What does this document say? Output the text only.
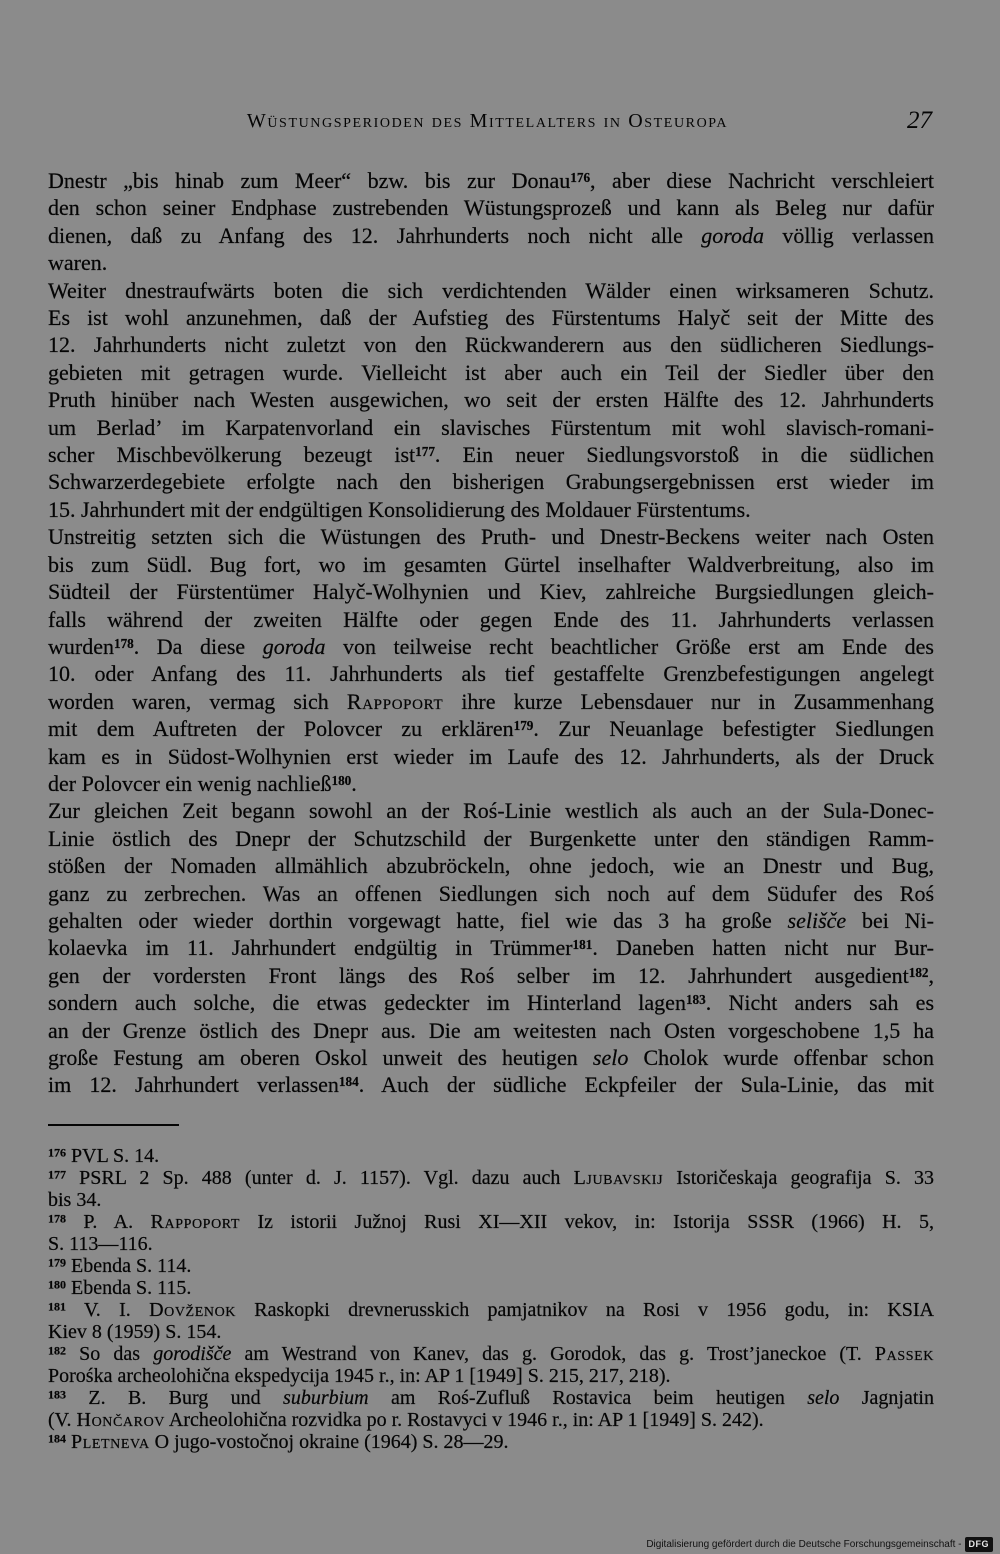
Wüstungsperioden des Mittelalters in Osteuropa	27
Dnestr „bis hinab zum Meer“ bzw. bis zur Donau$^{176}$, aber diese Nachricht verschleiert
den schon seiner Endphase zustrebenden Wüstungsprozeß und kann als Beleg nur dafür
dienen, daß zu Anfang des 12. Jahrhunderts noch nicht alle goroda völlig verlassen
waren.
Weiter dnestraufwärts boten die sich verdichtenden Wälder einen wirksameren Schutz.
Es ist wohl anzunehmen, daß der Aufstieg des Fürstentums Halyč seit der Mitte des
12. Jahrhunderts nicht zuletzt von den Rückwanderern aus den südlicheren Siedlungs-
gebieten mit getragen wurde. Vielleicht ist aber auch ein Teil der Siedler über den
Pruth hinüber nach Westen ausgewichen, wo seit der ersten Hälfte des 12. Jahrhunderts
um Berlad’ im Karpatenvorland ein slavisches Fürstentum mit wohl slavisch-romani-
scher Mischbevölkerung bezeugt ist$^{177}$. Ein neuer Siedlungsvorstoß in die südlichen
Schwarzerdegebiete erfolgte nach den bisherigen Grabungsergebnissen erst wieder im
15. Jahrhundert mit der endgültigen Konsolidierung des Moldauer Fürstentums.
Unstreitig setzten sich die Wüstungen des Pruth- und Dnestr-Beckens weiter nach Osten
bis zum Südl. Bug fort, wo im gesamten Gürtel inselhafter Waldverbreitung, also im
Südteil der Fürstentümer Halyč-Wolhynien und Kiev, zahlreiche Burgsiedlungen gleich-
falls während der zweiten Hälfte oder gegen Ende des 11. Jahrhunderts verlassen
wurden$^{178}$. Da diese goroda von teilweise recht beachtlicher Größe erst am Ende des
10. oder Anfang des 11. Jahrhunderts als tief gestaffelte Grenzbefestigungen angelegt
worden waren, vermag sich Rappoport ihre kurze Lebensdauer nur in Zusammenhang
mit dem Auftreten der Polovcer zu erklären$^{179}$. Zur Neuanlage befestigter Siedlungen
kam es in Südost-Wolhynien erst wieder im Laufe des 12. Jahrhunderts, als der Druck
der Polovcer ein wenig nachließ$^{180}$.
Zur gleichen Zeit begann sowohl an der Roś-Linie westlich als auch an der Sula-Donec-
Linie östlich des Dnepr der Schutzschild der Burgenkette unter den ständigen Ramm-
stößen der Nomaden allmählich abzubröckeln, ohne jedoch, wie an Dnestr und Bug,
ganz zu zerbrechen. Was an offenen Siedlungen sich noch auf dem Südufer des Roś
gehalten oder wieder dorthin vorgewagt hatte, fiel wie das 3 ha große selišče bei Ni-
kolaevka im 11. Jahrhundert endgültig in Trümmer$^{181}$. Daneben hatten nicht nur Bur-
gen der vordersten Front längs des Roś selber im 12. Jahrhundert ausgedient$^{182}$,
sondern auch solche, die etwas gedeckter im Hinterland lagen$^{183}$. Nicht anders sah es
an der Grenze östlich des Dnepr aus. Die am weitesten nach Osten vorgeschobene 1,5 ha
große Festung am oberen Oskol unweit des heutigen selo Cholok wurde offenbar schon
im 12. Jahrhundert verlassen$^{184}$. Auch der südliche Eckpfeiler der Sula-Linie, das mit
$^{176}$ PVL S. 14.
$^{177}$ PSRL 2 Sp. 488 (unter d. J. 1157). Vgl. dazu auch Ljubavskij Istoričeskaja geografija S. 33
bis 34.
$^{178}$ P. A. Rappoport Iz istorii Južnoj Rusi XI—XII vekov, in: Istorija SSSR (1966) H. 5,
S. 113—116.
$^{179}$ Ebenda S. 114.
$^{180}$ Ebenda S. 115.
$^{181}$ V. I. Dovženok Raskopki drevnerusskich pamjatnikov na Rosi v 1956 godu, in: KSIA
Kiev 8 (1959) S. 154.
$^{182}$ So das gorodišče am Westrand von Kanev, das g. Gorodok, das g. Trost’janeckoe (T. Passek
Porośka archeolohična ekspedycija 1945 r., in: AP 1 [1949] S. 215, 217, 218).
$^{183}$ Z. B. Burg und suburbium am Roś-Zufluß Rostavica beim heutigen selo Jagnjatin
(V. Hončarov Archeolohična rozvidka po r. Rostavyci v 1946 r., in: AP 1 [1949] S. 242).
$^{184}$ Pletneva O jugo-vostočnoj okraine (1964) S. 28—29.
Digitalisierung gefördert durch die Deutsche Forschungsgemeinschaft - DFG
